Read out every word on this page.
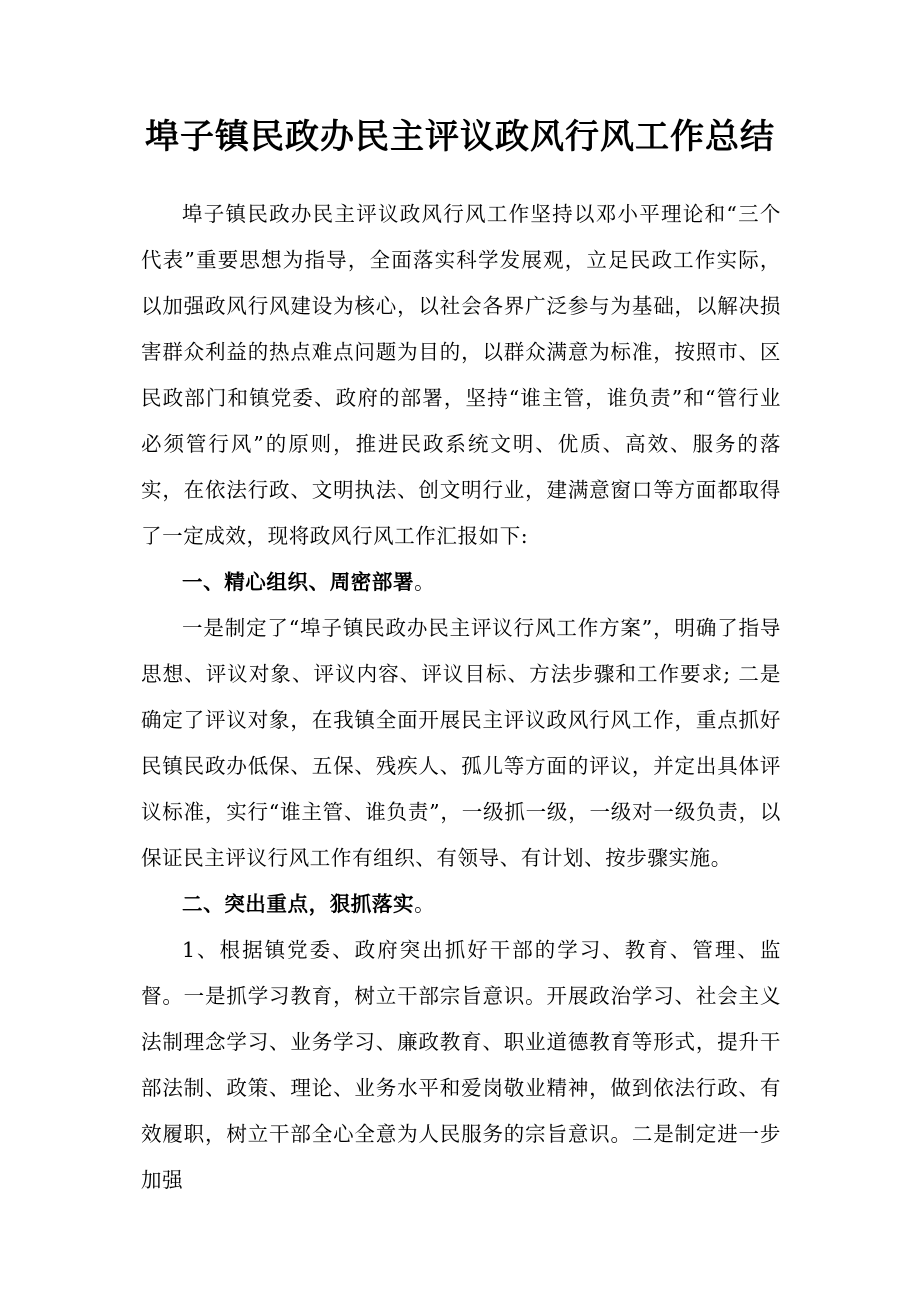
埠子镇民政办民主评议政风行风工作总结

埠子镇民政办民主评议政风行风工作坚持以邓小平理论和“三个代表”重要思想为指导，全面落实科学发展观，立足民政工作实际，以加强政风行风建设为核心，以社会各界广泛参与为基础，以解决损害群众利益的热点难点问题为目的，以群众满意为标准，按照市、区民政部门和镇党委、政府的部署，坚持“谁主管，谁负责”和“管行业必须管行风”的原则，推进民政系统文明、优质、高效、服务的落实，在依法行政、文明执法、创文明行业，建满意窗口等方面都取得了一定成效，现将政风行风工作汇报如下:

一、精心组织、周密部署。

一是制定了“埠子镇民政办民主评议行风工作方案”，明确了指导思想、评议对象、评议内容、评议目标、方法步骤和工作要求; 二是确定了评议对象，在我镇全面开展民主评议政风行风工作，重点抓好民镇民政办低保、五保、残疾人、孤儿等方面的评议，并定出具体评议标准，实行“谁主管、谁负责”，一级抓一级，一级对一级负责，以保证民主评议行风工作有组织、有领导、有计划、按步骤实施。

二、突出重点，狠抓落实。

1、根据镇党委、政府突出抓好干部的学习、教育、管理、监督。一是抓学习教育，树立干部宗旨意识。开展政治学习、社会主义法制理念学习、业务学习、廉政教育、职业道德教育等形式，提升干部法制、政策、理论、业务水平和爱岗敬业精神，做到依法行政、有效履职，树立干部全心全意为人民服务的宗旨意识。二是制定进一步加强
